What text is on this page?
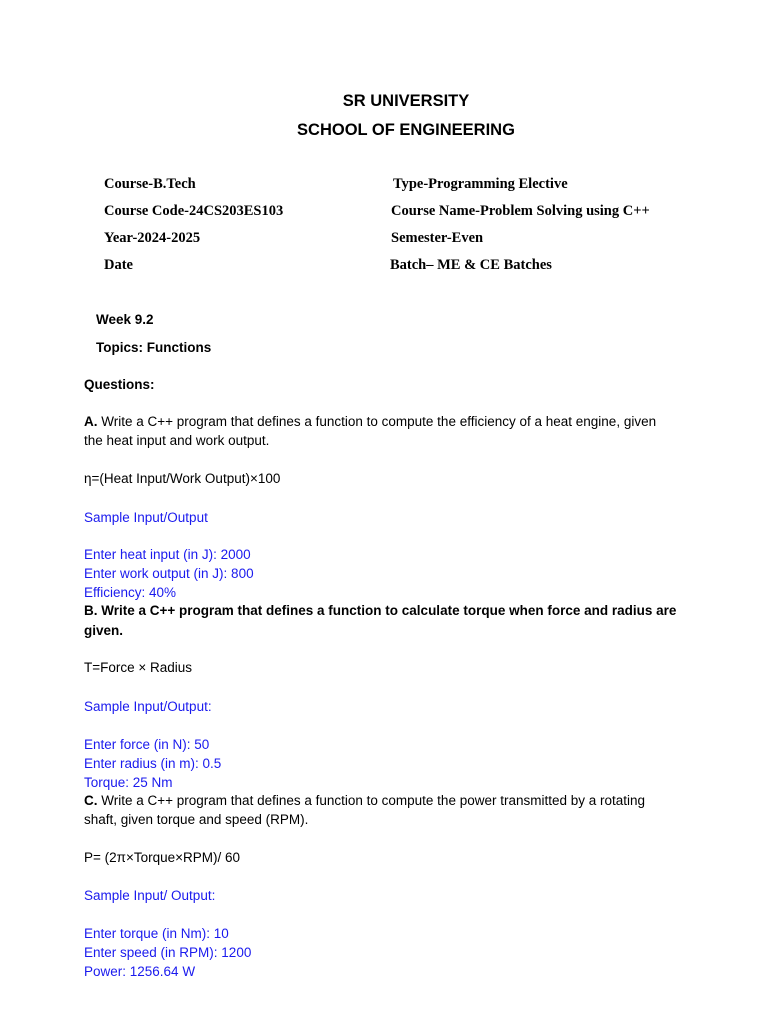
SR UNIVERSITY
SCHOOL OF ENGINEERING
Course-B.Tech	Type-Programming Elective
Course Code-24CS203ES103	Course Name-Problem Solving using C++
Year-2024-2025	Semester-Even
Date	Batch– ME & CE Batches
Week 9.2
Topics: Functions
Questions:
A. Write a C++ program that defines a function to compute the efficiency of a heat engine, given
the heat input and work output.
η=(Heat Input/Work Output)×100
Sample Input/Output
Enter heat input (in J): 2000
Enter work output (in J): 800
Efficiency: 40%
B. Write a C++ program that defines a function to calculate torque when force and radius are
given.
T=Force × Radius
Sample Input/Output:
Enter force (in N): 50
Enter radius (in m): 0.5
Torque: 25 Nm
C. Write a C++ program that defines a function to compute the power transmitted by a rotating
shaft, given torque and speed (RPM).
P= (2π×Torque×RPM)/ 60
Sample Input/ Output:
Enter torque (in Nm): 10
Enter speed (in RPM): 1200
Power: 1256.64 W
